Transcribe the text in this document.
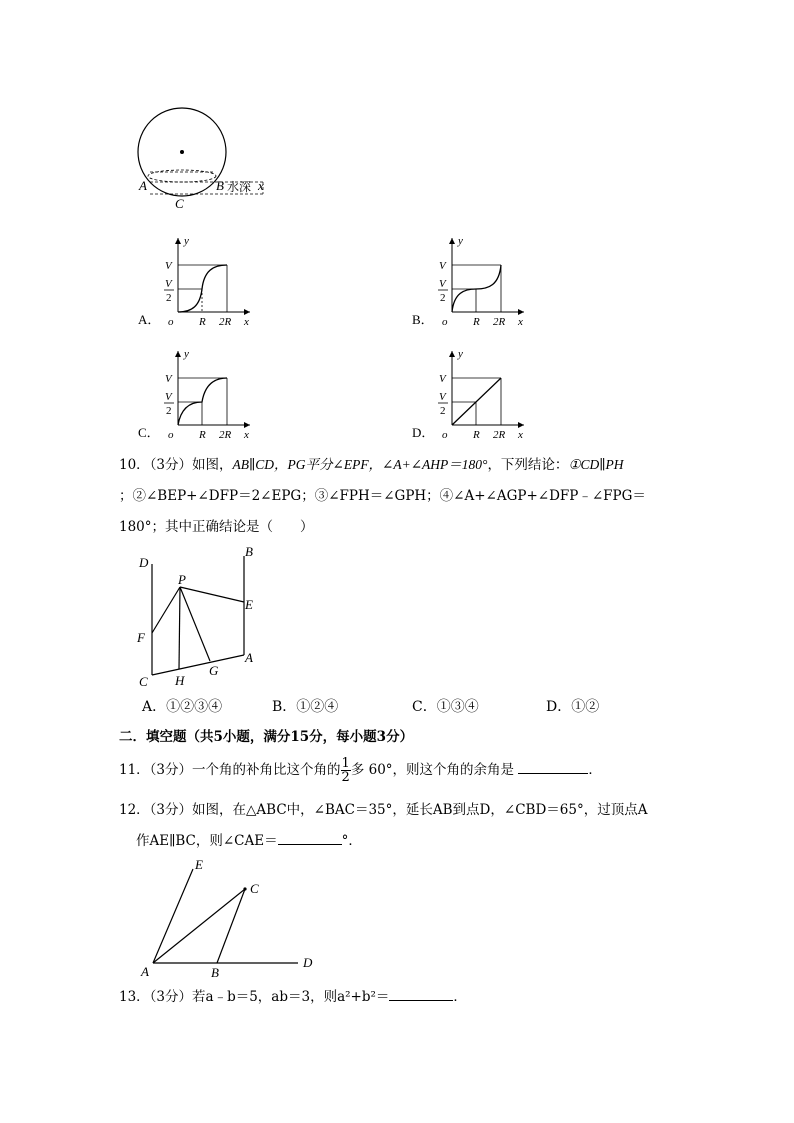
A	B 水深 x
C
y
x
o R 2R
V
V
2
A．
y
x
o R 2R
V
V
2
B．
y
x
o R 2R
V
V
2
C．
y
x
o R 2R
V
V
2
D．
10．（3分）如图，AB∥CD，PG平分∠EPF，∠A+∠AHP＝180°，下列结论：①CD∥PH
；②∠BEP+∠DFP＝2∠EPG；③∠FPH＝∠GPH；④∠A+∠AGP+∠DFP﹣∠FPG＝
180°；其中正确结论是（　　）
D
B
P
E
F
A
G
C H
A．①②③④	B．①②④	C．①③④	D．①②
二．填空题（共5小题，满分15分，每小题3分）
11．（3分）一个角的补角比这个角的 $\frac{1}{2}$ 多 60°，则这个角的余角是	．
12．（3分）如图，在△ABC中，∠BAC＝35°，延长AB到点D，∠CBD＝65°，过顶点A
作AE∥BC，则∠CAE＝	°．
E
C
A	B
D
13．（3分）若a﹣b＝5，ab＝3，则a²+b²＝	．
